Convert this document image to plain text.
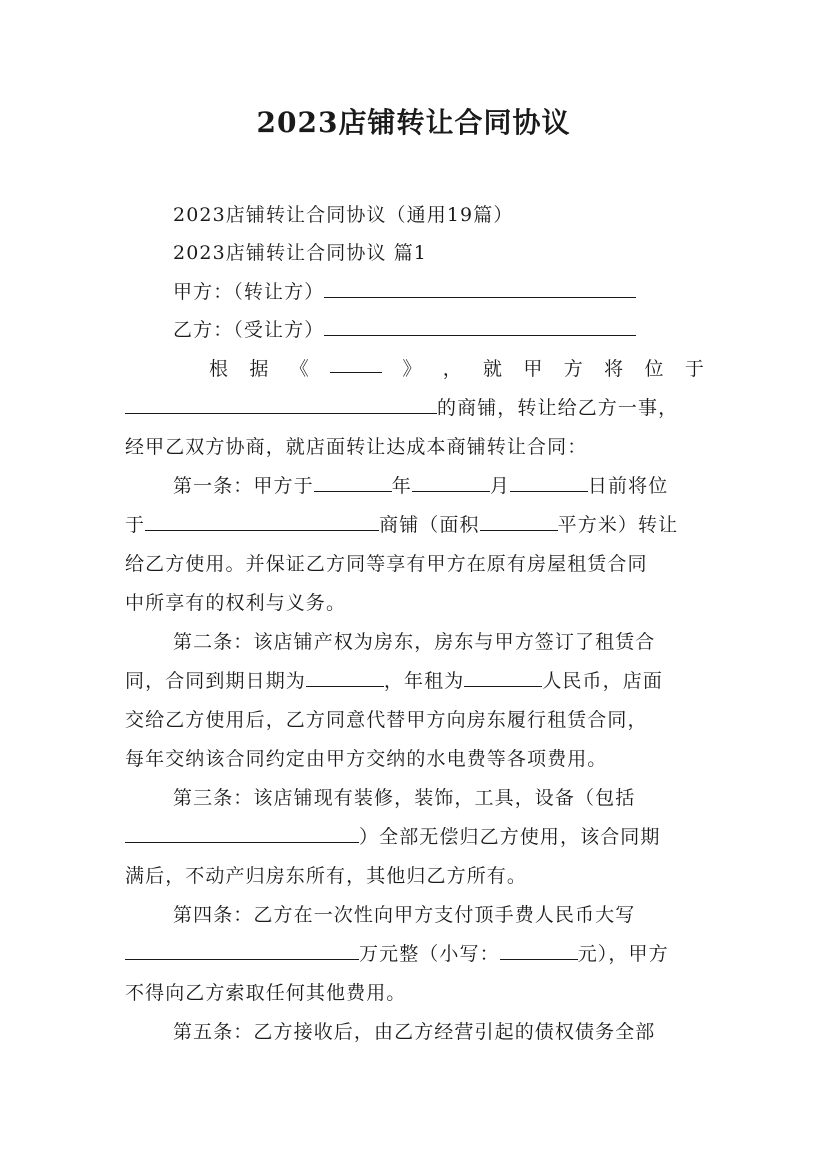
2023店铺转让合同协议
2023店铺转让合同协议（通用19篇）
2023店铺转让合同协议 篇1
甲方：（转让方）
乙方：（受让方）
根 据 《	》 ， 就 甲 方 将 位 于
的商铺，转让给乙方一事，
经甲乙双方协商，就店面转让达成本商铺转让合同：
第一条：甲方于	年	月	日前将位
于	商铺（面积	平方米）转让
给乙方使用。并保证乙方同等享有甲方在原有房屋租赁合同
中所享有的权利与义务。
第二条：该店铺产权为房东，房东与甲方签订了租赁合
同，合同到期日期为	，年租为	人民币，店面
交给乙方使用后，乙方同意代替甲方向房东履行租赁合同，
每年交纳该合同约定由甲方交纳的水电费等各项费用。
第三条：该店铺现有装修，装饰，工具，设备（包括
）全部无偿归乙方使用，该合同期
满后，不动产归房东所有，其他归乙方所有。
第四条：乙方在一次性向甲方支付顶手费人民币大写
万元整（小写：	元），甲方
不得向乙方索取任何其他费用。
第五条：乙方接收后，由乙方经营引起的债权债务全部
